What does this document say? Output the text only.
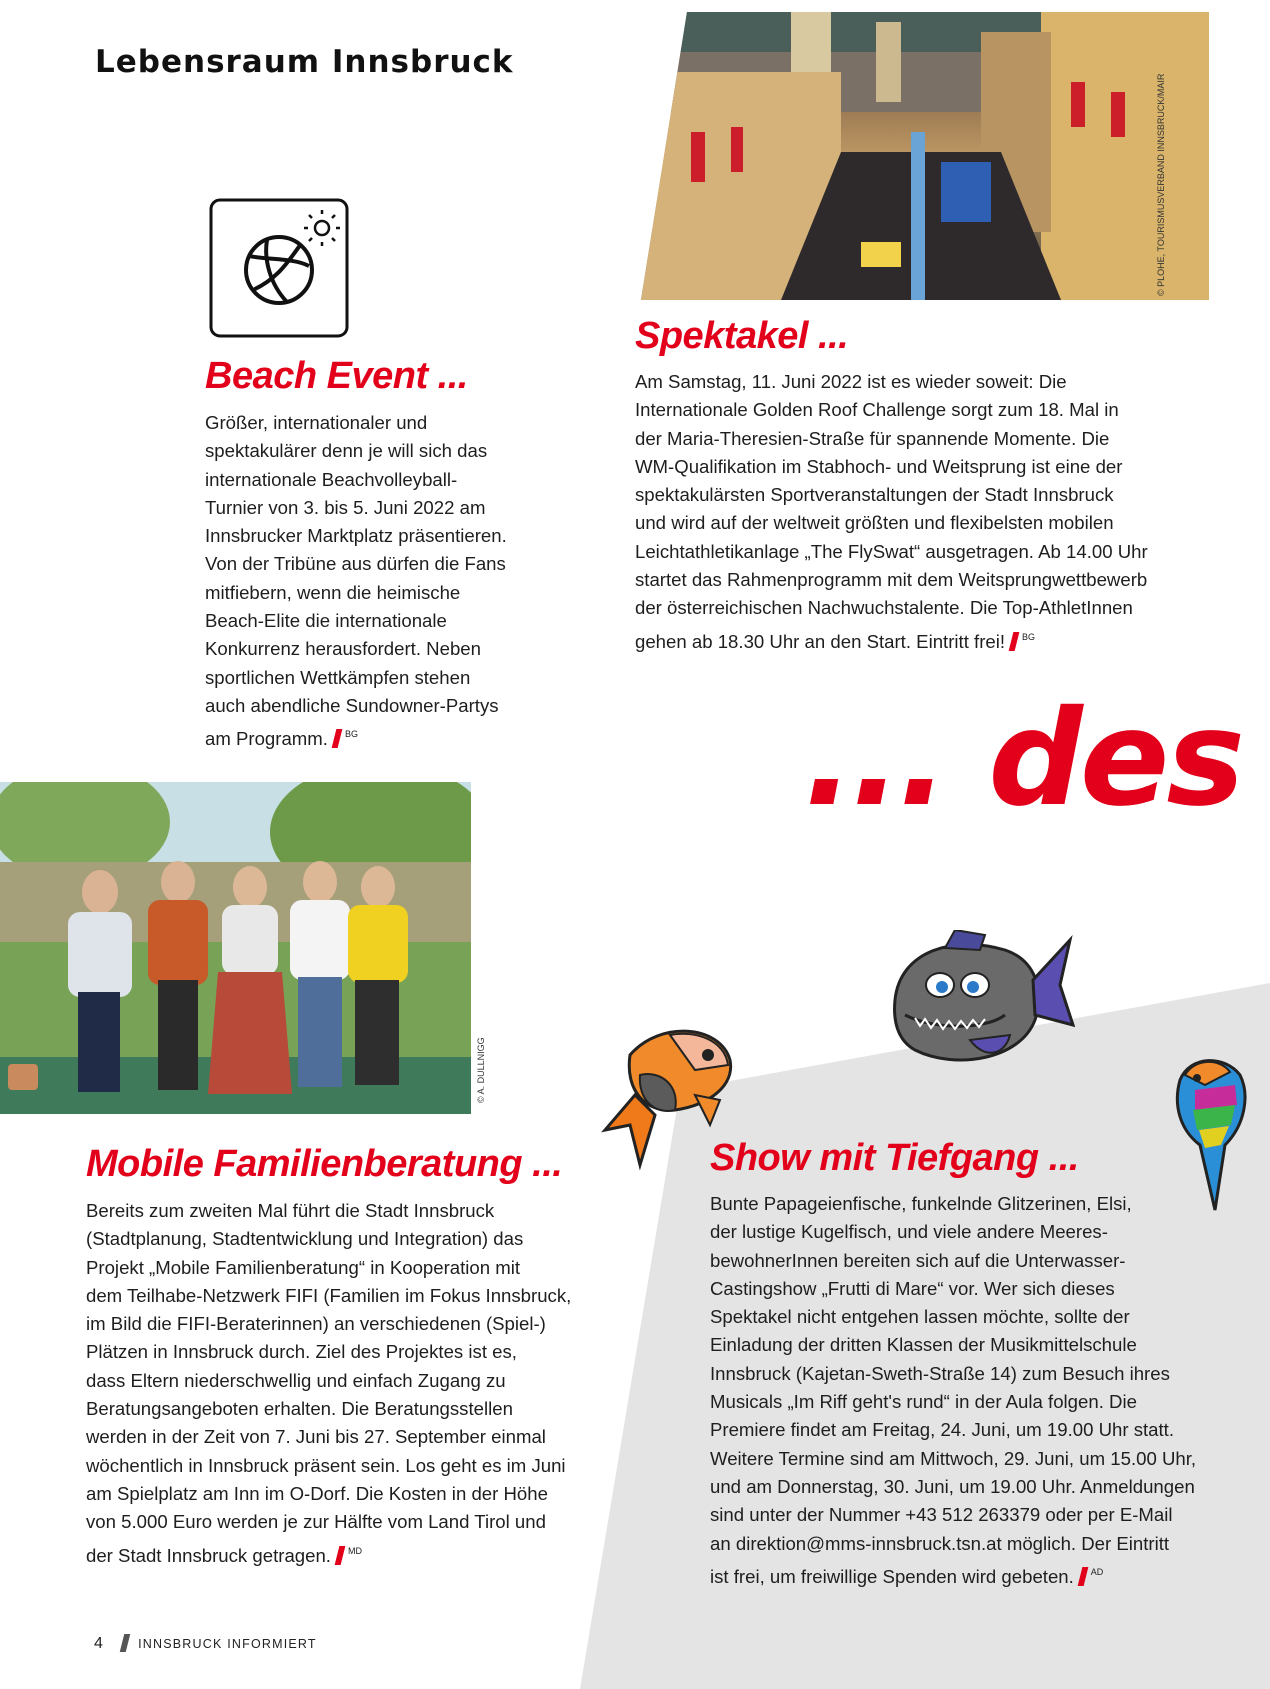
Lebensraum Innsbruck
Beach Event ...

Größer, internationaler und

spektakulärer denn je will sich das

internationale Beachvolleyball-

Turnier von 3. bis 5. Juni 2022 am

Innsbrucker Marktplatz präsentieren.

Von der Tribüne aus dürfen die Fans

mitfiebern, wenn die heimische

Beach-Elite die internationale

Konkurrenz herausfordert. Neben

sportlichen Wettkämpfen stehen

auch abendliche Sundowner-Partys

am Programm. $^{BG}$

© PLOHE, TOURISMUSVERBAND INNSBRUCK/MAIR
Spektakel ...

Am Samstag, 11. Juni 2022 ist es wieder soweit: Die

Internationale Golden Roof Challenge sorgt zum 18. Mal in

der Maria-Theresien-Straße für spannende Momente. Die

WM-Qualifikation im Stabhoch- und Weitsprung ist eine der

spektakulärsten Sportveranstaltungen der Stadt Innsbruck

und wird auf der weltweit größten und flexibelsten mobilen

Leichtathletikanlage „The FlySwat“ ausgetragen. Ab 14.00 Uhr

startet das Rahmenprogramm mit dem Weitsprungwettbewerb

der österreichischen Nachwuchstalente. Die Top-AthletInnen

gehen ab 18.30 Uhr an den Start. Eintritt frei! $^{BG}$

... des
© A. DULLNIGG
Mobile Familienberatung ...

Bereits zum zweiten Mal führt die Stadt Innsbruck

(Stadtplanung, Stadtentwicklung und Integration) das

Projekt „Mobile Familienberatung“ in Kooperation mit

dem Teilhabe-Netzwerk FIFI (Familien im Fokus Innsbruck,

im Bild die FIFI-Beraterinnen) an verschiedenen (Spiel-)

Plätzen in Innsbruck durch. Ziel des Projektes ist es,

dass Eltern niederschwellig und einfach Zugang zu

Beratungsangeboten erhalten. Die Beratungsstellen

werden in der Zeit von 7. Juni bis 27. September einmal

wöchentlich in Innsbruck präsent sein. Los geht es im Juni

am Spielplatz am Inn im O-Dorf. Die Kosten in der Höhe

von 5.000 Euro werden je zur Hälfte vom Land Tirol und

der Stadt Innsbruck getragen. $^{MD}$

Show mit Tiefgang ...

Bunte Papageienfische, funkelnde Glitzerinen, Elsi,

der lustige Kugelfisch, und viele andere Meeres-

bewohnerInnen bereiten sich auf die Unterwasser-

Castingshow „Frutti di Mare“ vor. Wer sich dieses

Spektakel nicht entgehen lassen möchte, sollte der

Einladung der dritten Klassen der Musikmittelschule

Innsbruck (Kajetan-Sweth-Straße 14) zum Besuch ihres

Musicals „Im Riff geht's rund“ in der Aula folgen. Die

Premiere findet am Freitag, 24. Juni, um 19.00 Uhr statt.

Weitere Termine sind am Mittwoch, 29. Juni, um 15.00 Uhr,

und am Donnerstag, 30. Juni, um 19.00 Uhr. Anmeldungen

sind unter der Nummer +43 512 263379 oder per E-Mail

an direktion@mms-innsbruck.tsn.at möglich. Der Eintritt

ist frei, um freiwillige Spenden wird gebeten. $^{AD}$

4	INNSBRUCK INFORMIERT
